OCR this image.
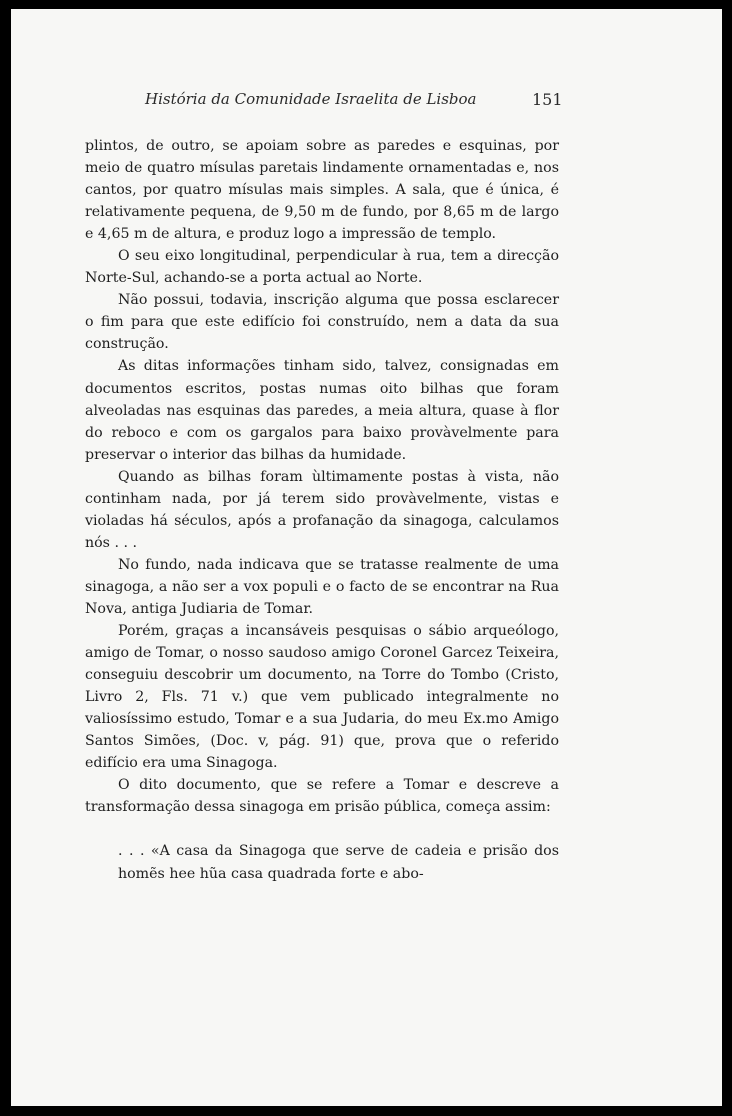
História da Comunidade Israelita de Lisboa	151

plintos, de outro, se apoiam sobre as paredes e esquinas, por meio de quatro mísulas paretais lindamente ornamentadas e, nos cantos, por quatro mísulas mais simples. A sala, que é única, é relativamente pequena, de 9,50 m de fundo, por 8,65 m de largo e 4,65 m de altura, e produz logo a impressão de templo.

O seu eixo longitudinal, perpendicular à rua, tem a direcção Norte-Sul, achando-se a porta actual ao Norte.

Não possui, todavia, inscrição alguma que possa esclarecer o fim para que este edifício foi construído, nem a data da sua construção.

As ditas informações tinham sido, talvez, consignadas em documentos escritos, postas numas oito bilhas que foram alveoladas nas esquinas das paredes, a meia altura, quase à flor do reboco e com os gargalos para baixo provàvelmente para preservar o interior das bilhas da humidade.

Quando as bilhas foram ùltimamente postas à vista, não continham nada, por já terem sido provàvelmente, vistas e violadas há séculos, após a profanação da sinagoga, calculamos nós . . .

No fundo, nada indicava que se tratasse realmente de uma sinagoga, a não ser a vox populi e o facto de se encontrar na Rua Nova, antiga Judiaria de Tomar.

Porém, graças a incansáveis pesquisas o sábio arqueólogo, amigo de Tomar, o nosso saudoso amigo Coronel Garcez Teixeira, conseguiu descobrir um documento, na Torre do Tombo (Cristo, Livro 2, Fls. 71 v.) que vem publicado integralmente no valiosíssimo estudo, Tomar e a sua Judaria, do meu Ex.mo Amigo Santos Simões, (Doc. v, pág. 91) que, prova que o referido edifício era uma Sinagoga.

O dito documento, que se refere a Tomar e descreve a transformação dessa sinagoga em prisão pública, começa assim:

. . . «A casa da Sinagoga que serve de cadeia e prisão dos homẽs hee hũa casa quadrada forte e abo-
